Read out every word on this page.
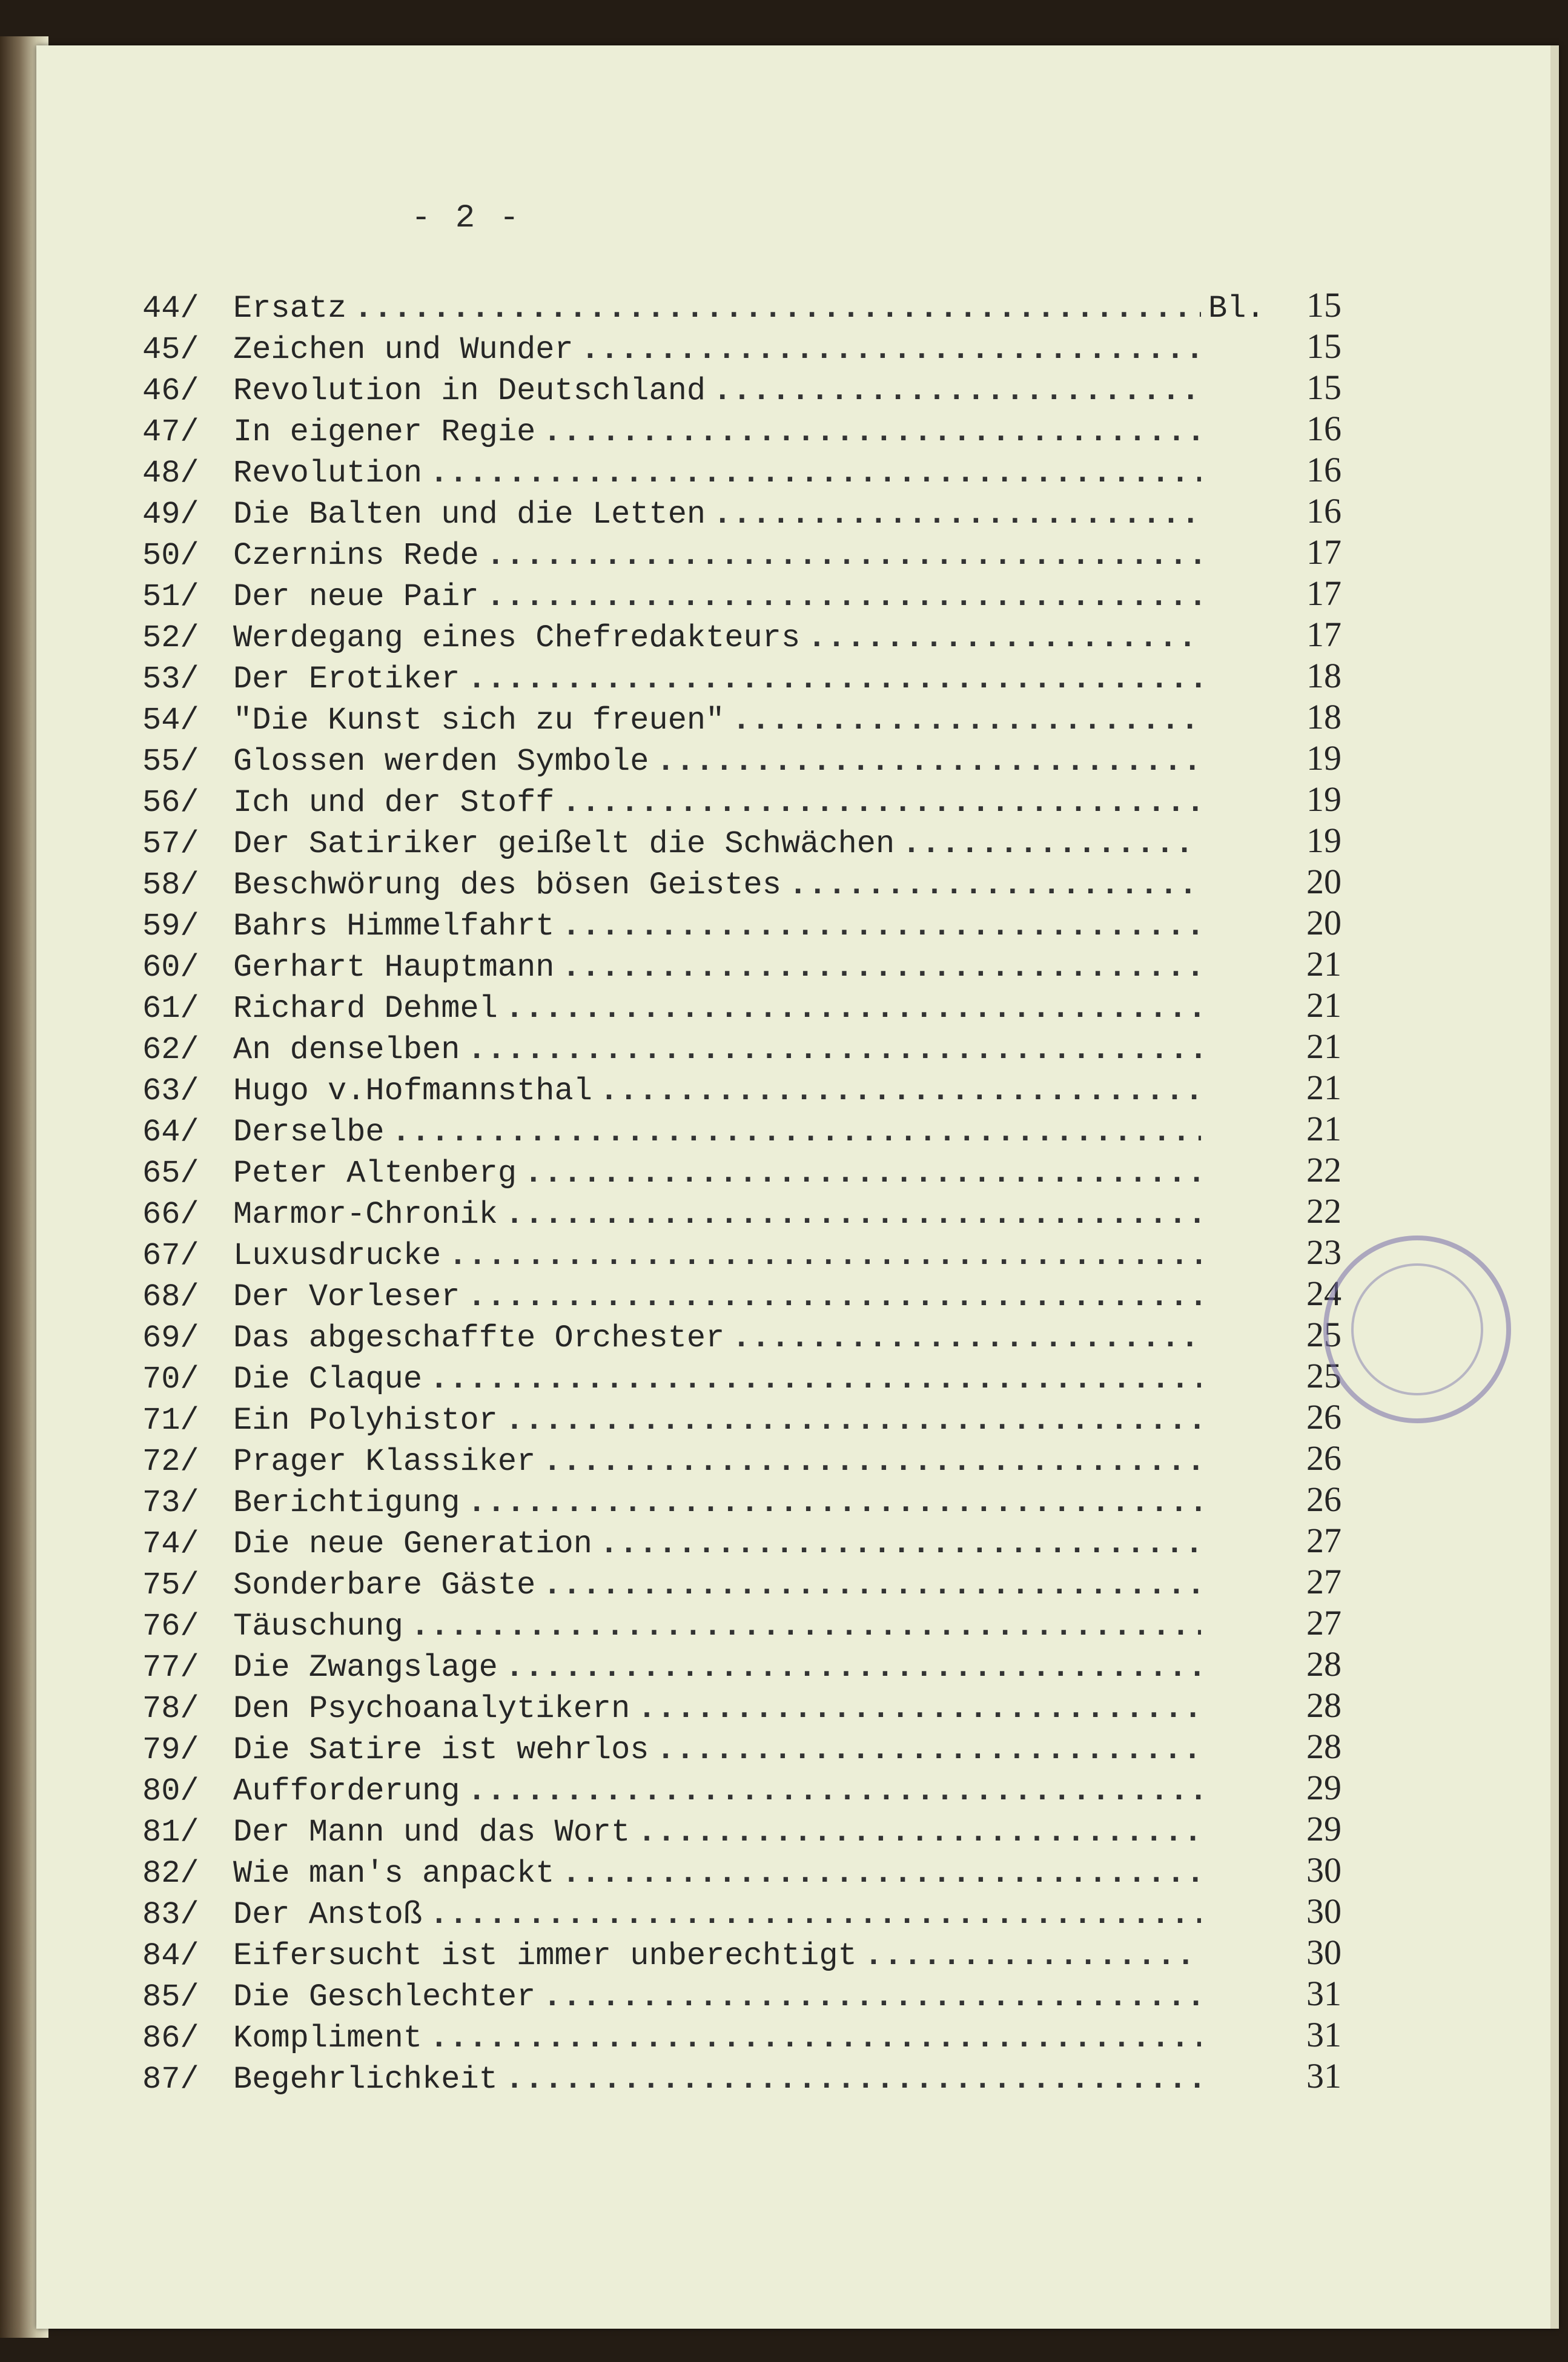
- 2 -
44/	Ersatz .....	Bl.	15
45/	Zeichen und Wunder .....	15
46/	Revolution in Deutschland .....	15
47/	In eigener Regie .....	16
48/	Revolution .....	16
49/	Die Balten und die Letten .....	16
50/	Czernins Rede .....	17
51/	Der neue Pair .....	17
52/	Werdegang eines Chefredakteurs .....	17
53/	Der Erotiker .....	18
54/	"Die Kunst sich zu freuen" .....	18
55/	Glossen werden Symbole .....	19
56/	Ich und der Stoff .....	19
57/	Der Satiriker geißelt die Schwächen .....	19
58/	Beschwörung des bösen Geistes .....	20
59/	Bahrs Himmelfahrt .....	20
60/	Gerhart Hauptmann .....	21
61/	Richard Dehmel .....	21
62/	An denselben .....	21
63/	Hugo v.Hofmannsthal .....	21
64/	Derselbe .....	21
65/	Peter Altenberg .....	22
66/	Marmor-Chronik .....	22
67/	Luxusdrucke .....	23
68/	Der Vorleser .....	24
69/	Das abgeschaffte Orchester .....	25
70/	Die Claque .....	25
71/	Ein Polyhistor .....	26
72/	Prager Klassiker .....	26
73/	Berichtigung .....	26
74/	Die neue Generation .....	27
75/	Sonderbare Gäste .....	27
76/	Täuschung .....	27
77/	Die Zwangslage .....	28
78/	Den Psychoanalytikern .....	28
79/	Die Satire ist wehrlos .....	28
80/	Aufforderung .....	29
81/	Der Mann und das Wort .....	29
82/	Wie man's anpackt .....	30
83/	Der Anstoß .....	30
84/	Eifersucht ist immer unberechtigt .....	30
85/	Die Geschlechter .....	31
86/	Kompliment .....	31
87/	Begehrlichkeit .....	31
